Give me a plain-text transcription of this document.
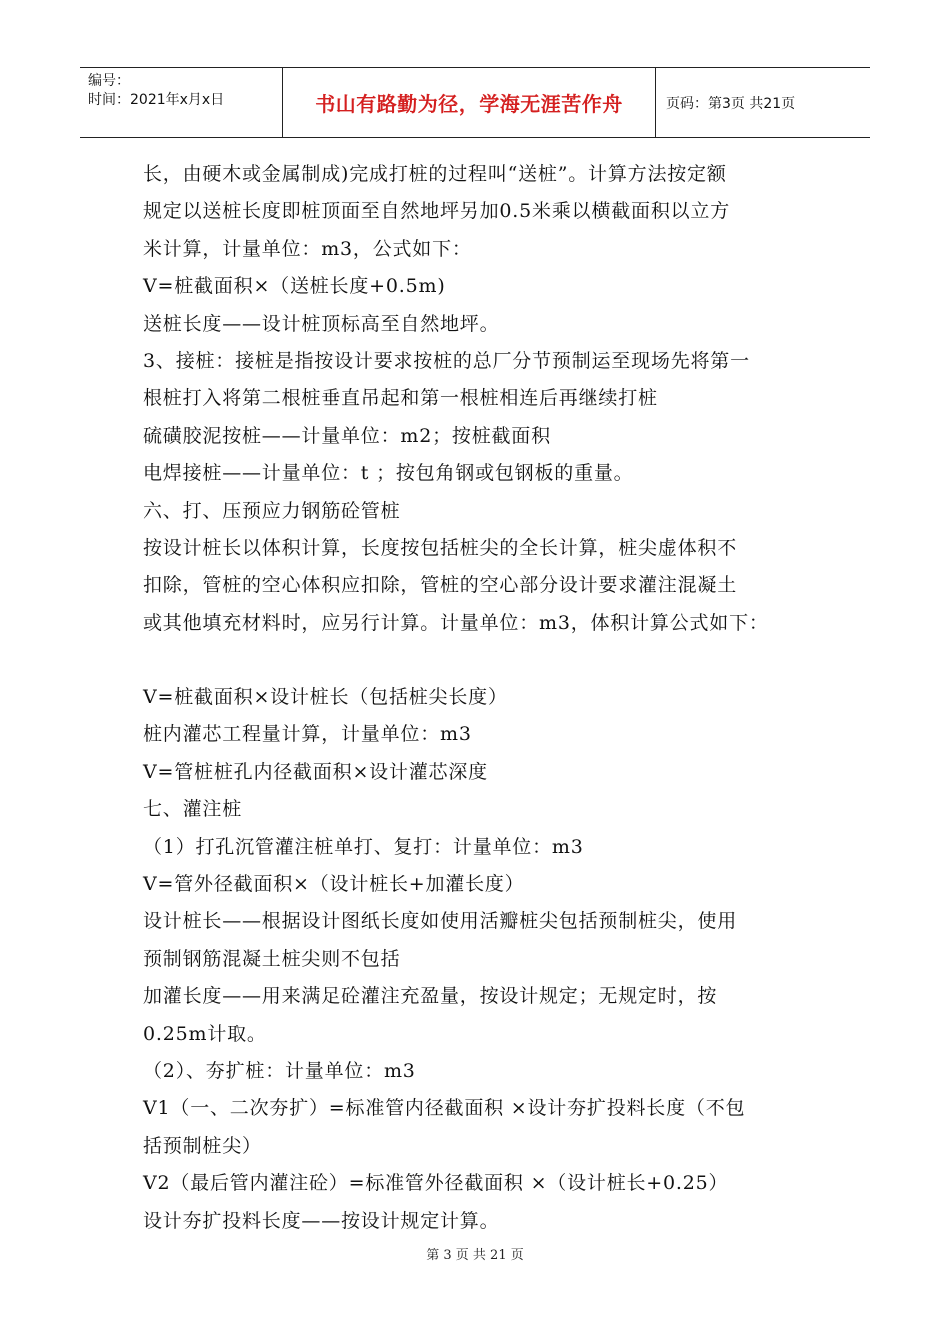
编号：
时间：2021年x月x日	书山有路勤为径，学海无涯苦作舟	页码：第3页 共21页
长，由硬木或金属制成)完成打桩的过程叫“送桩”。计算方法按定额
规定以送桩长度即桩顶面至自然地坪另加0.5米乘以横截面积以立方
米计算，计量单位：m3，公式如下：
V=桩截面积×（送桩长度+0.5m)
送桩长度——设计桩顶标高至自然地坪。
3、接桩：接桩是指按设计要求按桩的总厂分节预制运至现场先将第一
根桩打入将第二根桩垂直吊起和第一根桩相连后再继续打桩
硫磺胶泥按桩——计量单位：m2；按桩截面积
电焊接桩——计量单位：t ；按包角钢或包钢板的重量。
六、打、压预应力钢筋砼管桩
按设计桩长以体积计算，长度按包括桩尖的全长计算，桩尖虚体积不
扣除，管桩的空心体积应扣除，管桩的空心部分设计要求灌注混凝土
或其他填充材料时，应另行计算。计量单位：m3，体积计算公式如下：
V=桩截面积×设计桩长（包括桩尖长度）
桩内灌芯工程量计算，计量单位：m3
V=管桩桩孔内径截面积×设计灌芯深度
七、灌注桩
（1）打孔沉管灌注桩单打、复打：计量单位：m3
V=管外径截面积×（设计桩长+加灌长度）
设计桩长——根据设计图纸长度如使用活瓣桩尖包括预制桩尖，使用
预制钢筋混凝土桩尖则不包括
加灌长度——用来满足砼灌注充盈量，按设计规定；无规定时，按
0.25m计取。
（2）、夯扩桩：计量单位：m3
V1（一、二次夯扩）=标准管内径截面积 ×设计夯扩投料长度（不包
括预制桩尖）
V2（最后管内灌注砼）=标准管外径截面积 ×（设计桩长+0.25）
设计夯扩投料长度——按设计规定计算。
第 3 页 共 21 页
